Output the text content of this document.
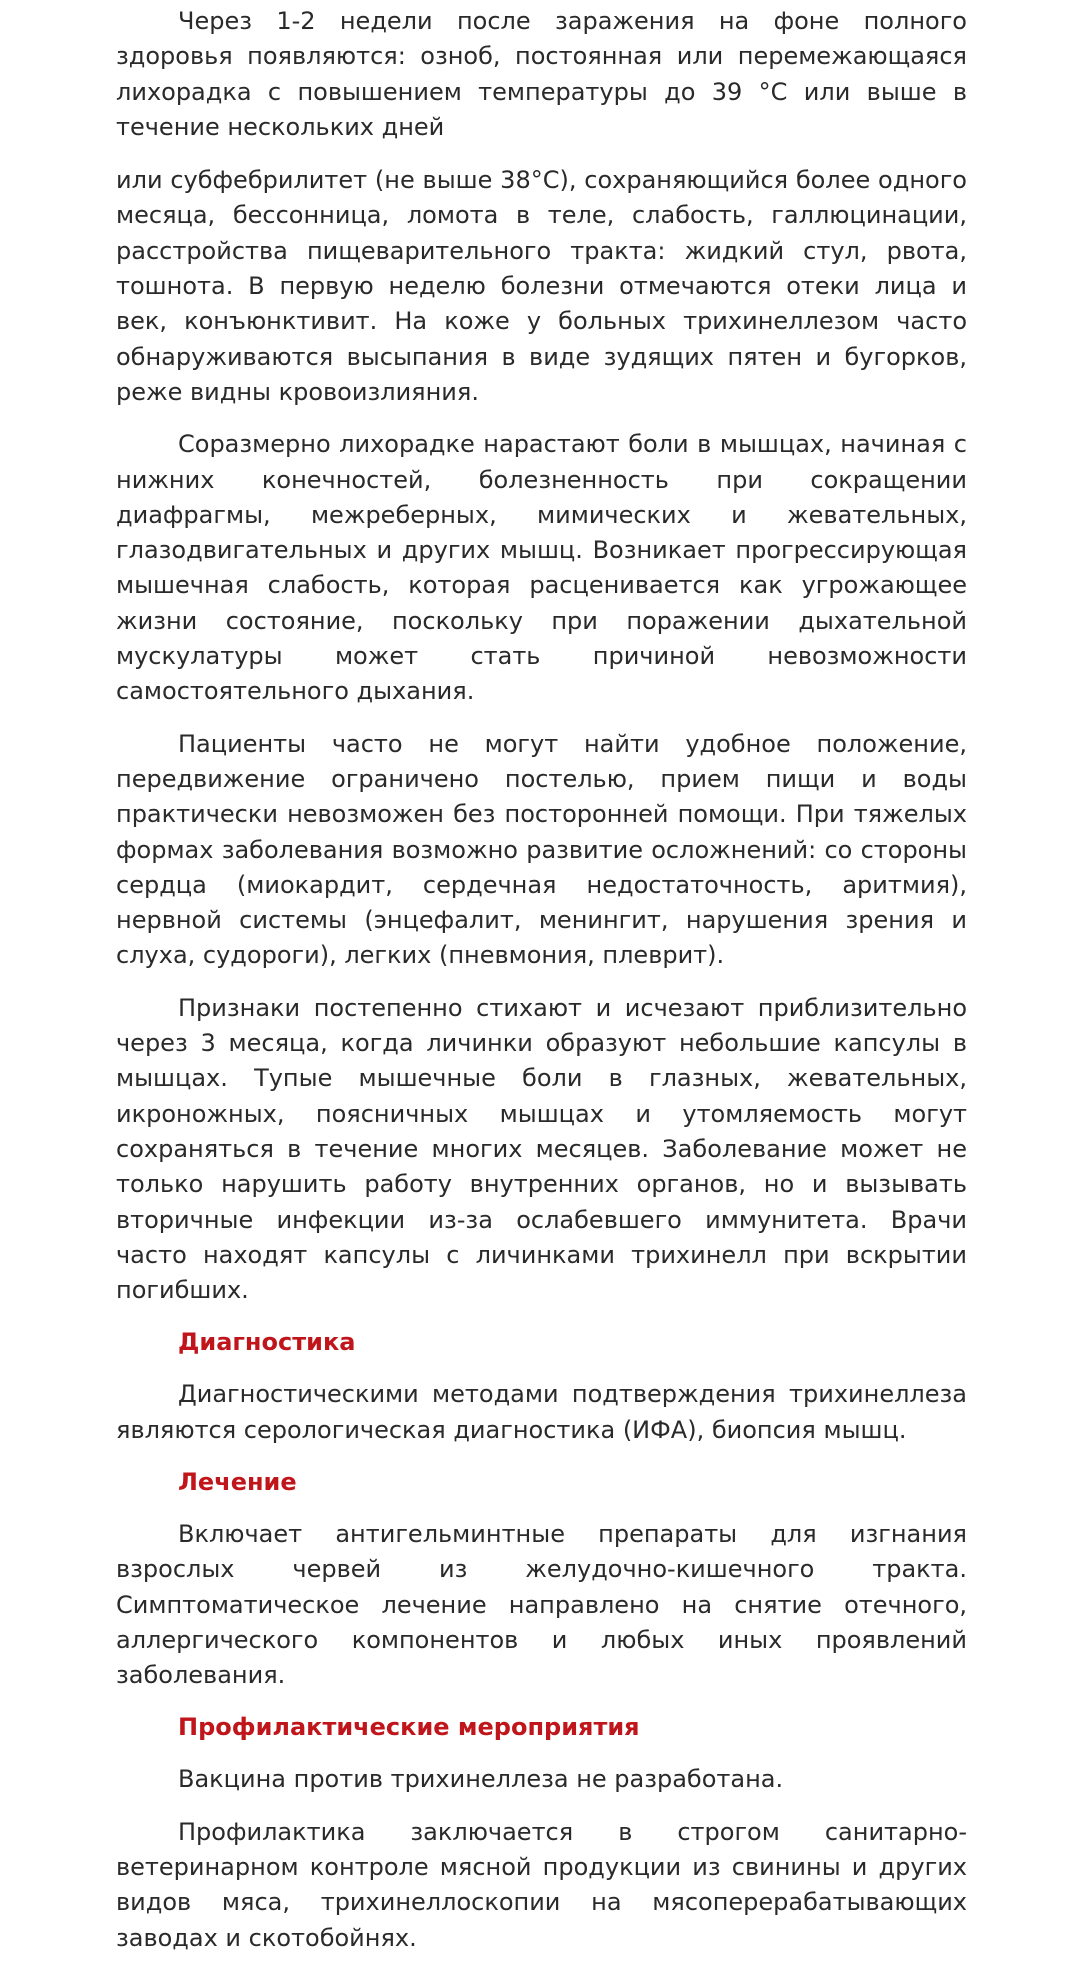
Через 1-2 недели после заражения на фоне полного здоровья появляются: озноб, постоянная или перемежающаяся лихорадка с повышением температуры до 39 °C или выше в течение нескольких дней

или субфебрилитет (не выше 38°C), сохраняющийся более одного месяца, бессонница, ломота в теле, слабость, галлюцинации, расстройства пищеварительного тракта: жидкий стул, рвота, тошнота. В первую неделю болезни отмечаются отеки лица и век, конъюнктивит. На коже у больных трихинеллезом часто обнаруживаются высыпания в виде зудящих пятен и бугорков, реже видны кровоизлияния.

Соразмерно лихорадке нарастают боли в мышцах, начиная с нижних конечностей, болезненность при сокращении диафрагмы, межреберных, мимических и жевательных, глазодвигательных и других мышц. Возникает прогрессирующая мышечная слабость, которая расценивается как угрожающее жизни состояние, поскольку при поражении дыхательной мускулатуры может стать причиной невозможности самостоятельного дыхания.

Пациенты часто не могут найти удобное положение, передвижение ограничено постелью, прием пищи и воды практически невозможен без посторонней помощи. При тяжелых формах заболевания возможно развитие осложнений: со стороны сердца (миокардит, сердечная недостаточность, аритмия), нервной системы (энцефалит, менингит, нарушения зрения и слуха, судороги), легких (пневмония, плеврит).

Признаки постепенно стихают и исчезают приблизительно через 3 месяца, когда личинки образуют небольшие капсулы в мышцах. Тупые мышечные боли в глазных, жевательных, икроножных, поясничных мышцах и утомляемость могут сохраняться в течение многих месяцев. Заболевание может не только нарушить работу внутренних органов, но и вызывать вторичные инфекции из-за ослабевшего иммунитета. Врачи часто находят капсулы с личинками трихинелл при вскрытии погибших.

Диагностика

Диагностическими методами подтверждения трихинеллеза являются серологическая диагностика (ИФА), биопсия мышц.

Лечение

Включает антигельминтные препараты для изгнания взрослых червей из желудочно-кишечного тракта. Симптоматическое лечение направлено на снятие отечного, аллергического компонентов и любых иных проявлений заболевания.

Профилактические мероприятия

Вакцина против трихинеллеза не разработана.

Профилактика заключается в строгом санитарно-ветеринарном контроле мясной продукции из свинины и других видов мяса, трихинеллоскопии на мясоперерабатывающих заводах и скотобойнях.
